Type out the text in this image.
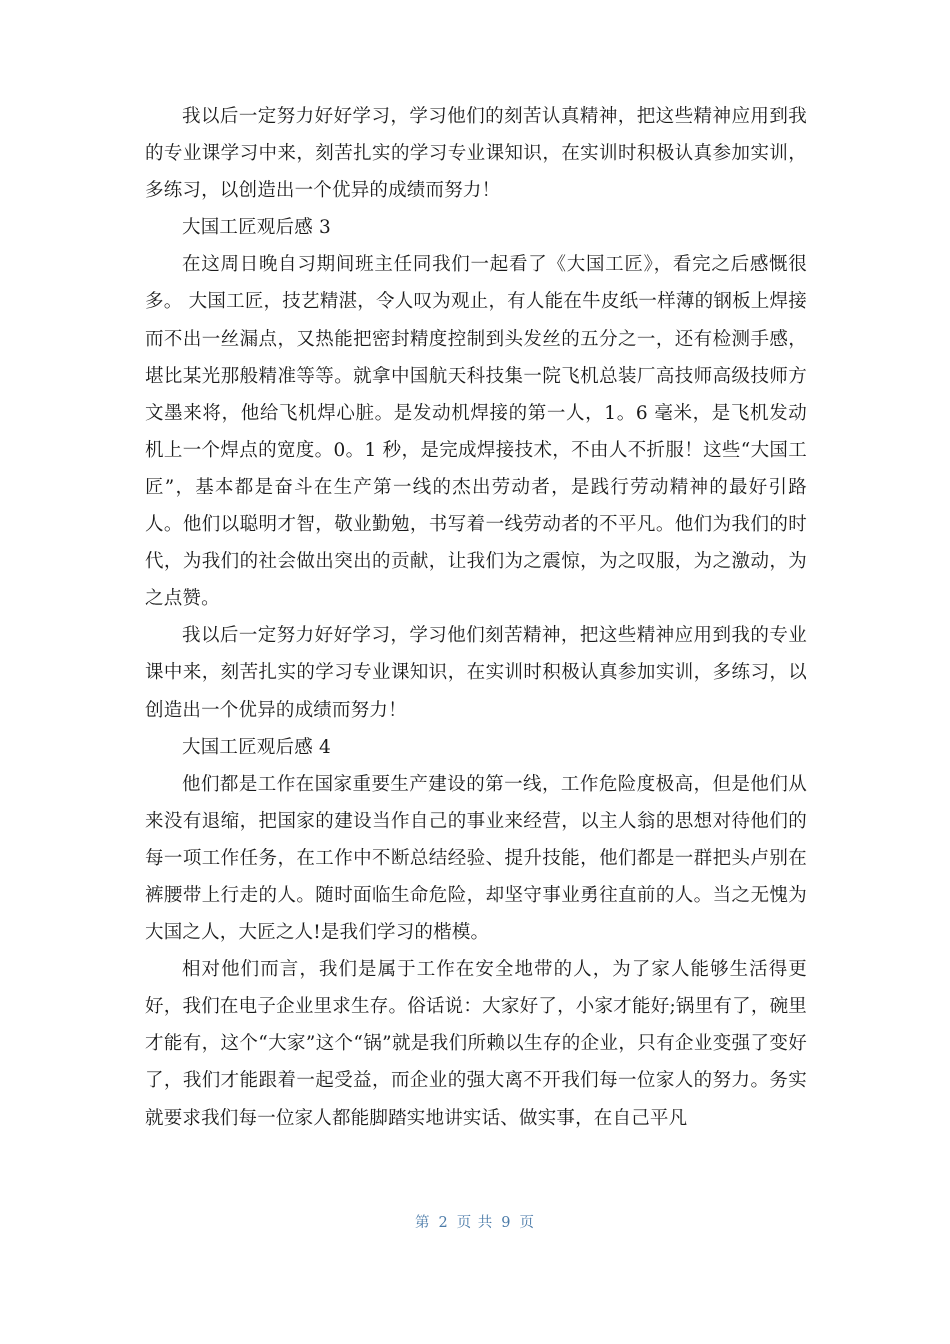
我以后一定努力好好学习，学习他们的刻苦认真精神，把这些精神应用到我的专业课学习中来，刻苦扎实的学习专业课知识，在实训时积极认真参加实训，多练习，以创造出一个优异的成绩而努力！

大国工匠观后感 3

在这周日晚自习期间班主任同我们一起看了《大国工匠》，看完之后感慨很多。 大国工匠，技艺精湛，令人叹为观止，有人能在牛皮纸一样薄的钢板上焊接而不出一丝漏点，又热能把密封精度控制到头发丝的五分之一，还有检测手感，堪比某光那般精准等等。就拿中国航天科技集一院飞机总装厂高技师高级技师方文墨来将，他给飞机焊心脏。是发动机焊接的第一人，1。6 毫米，是飞机发动机上一个焊点的宽度。0。1 秒，是完成焊接技术，不由人不折服！这些“大国工匠”，基本都是奋斗在生产第一线的杰出劳动者，是践行劳动精神的最好引路人。他们以聪明才智，敬业勤勉，书写着一线劳动者的不平凡。他们为我们的时代，为我们的社会做出突出的贡献，让我们为之震惊，为之叹服，为之激动，为之点赞。

我以后一定努力好好学习，学习他们刻苦精神，把这些精神应用到我的专业课中来，刻苦扎实的学习专业课知识，在实训时积极认真参加实训，多练习，以创造出一个优异的成绩而努力！

大国工匠观后感 4

他们都是工作在国家重要生产建设的第一线，工作危险度极高，但是他们从来没有退缩，把国家的建设当作自己的事业来经营，以主人翁的思想对待他们的每一项工作任务，在工作中不断总结经验、提升技能，他们都是一群把头卢别在裤腰带上行走的人。随时面临生命危险，却坚守事业勇往直前的人。当之无愧为大国之人，大匠之人!是我们学习的楷模。

相对他们而言，我们是属于工作在安全地带的人，为了家人能够生活得更好，我们在电子企业里求生存。俗话说：大家好了，小家才能好;锅里有了，碗里才能有，这个“大家”这个“锅”就是我们所赖以生存的企业，只有企业变强了变好了，我们才能跟着一起受益，而企业的强大离不开我们每一位家人的努力。务实就要求我们每一位家人都能脚踏实地讲实话、做实事，在自己平凡

第 2 页 共 9 页
